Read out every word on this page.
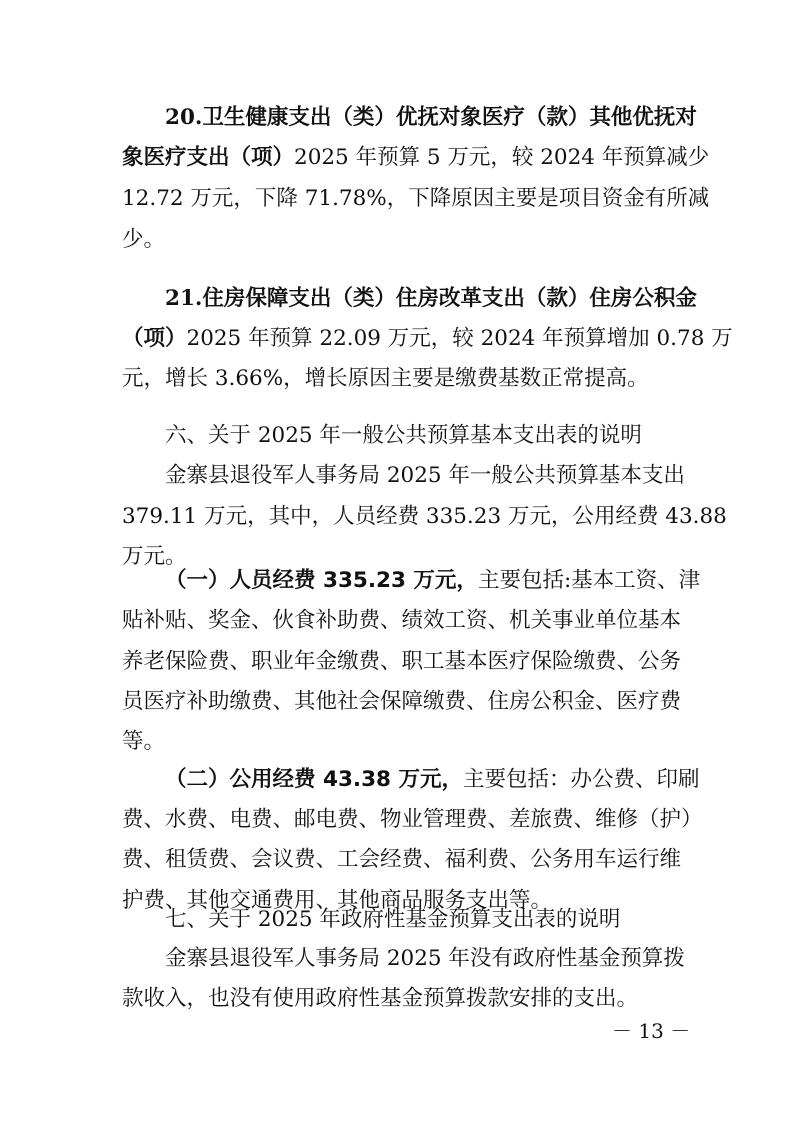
20.卫生健康支出（类）优抚对象医疗（款）其他优抚对
象医疗支出（项）2025 年预算 5 万元，较 2024 年预算减少
12.72 万元，下降 71.78%，下降原因主要是项目资金有所减
少。
21.住房保障支出（类）住房改革支出（款）住房公积金
（项）2025 年预算 22.09 万元，较 2024 年预算增加 0.78 万
元，增长 3.66%，增长原因主要是缴费基数正常提高。
六、关于 2025 年一般公共预算基本支出表的说明
金寨县退役军人事务局 2025 年一般公共预算基本支出
379.11 万元，其中，人员经费 335.23 万元，公用经费 43.88
万元。
（一）人员经费 335.23 万元，主要包括:基本工资、津
贴补贴、奖金、伙食补助费、绩效工资、机关事业单位基本
养老保险费、职业年金缴费、职工基本医疗保险缴费、公务
员医疗补助缴费、其他社会保障缴费、住房公积金、医疗费
等。
（二）公用经费 43.38 万元，主要包括：办公费、印刷
费、水费、电费、邮电费、物业管理费、差旅费、维修（护）
费、租赁费、会议费、工会经费、福利费、公务用车运行维
护费、其他交通费用、其他商品服务支出等。
七、关于 2025 年政府性基金预算支出表的说明
金寨县退役军人事务局 2025 年没有政府性基金预算拨
款收入，也没有使用政府性基金预算拨款安排的支出。
－ 13 －
